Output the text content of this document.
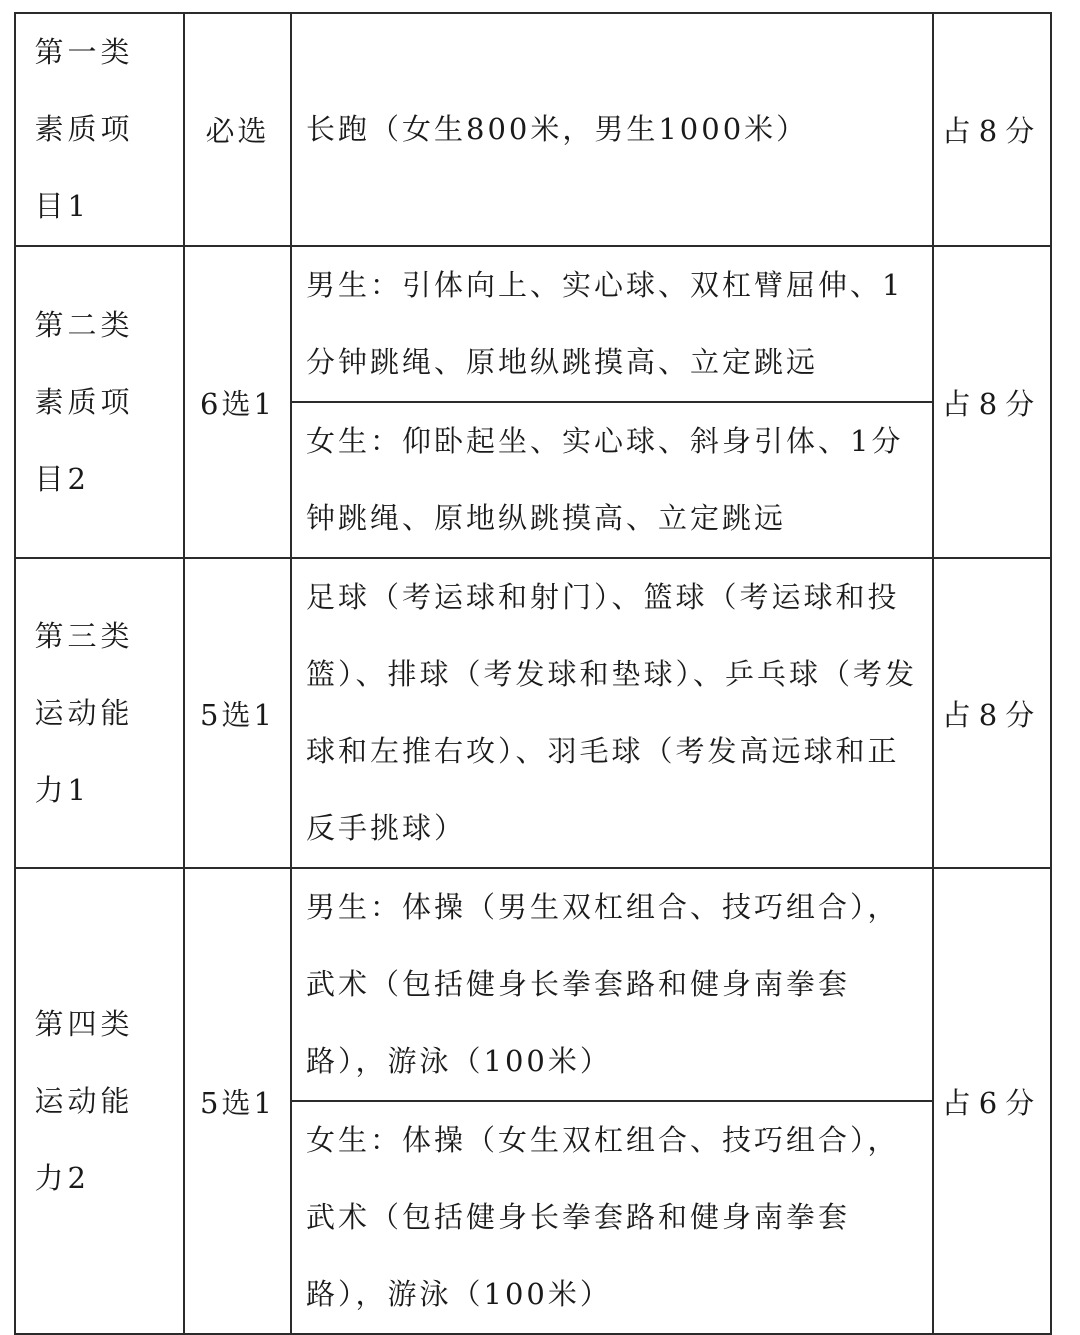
第一类素质项目1	必选	长跑（女生800米，男生1000米）	占8分

第二类素质项目2	6选1	男生：引体向上、实心球、双杠臂屈伸、1分钟跳绳、原地纵跳摸高、立定跳远	占8分

		女生：仰卧起坐、实心球、斜身引体、1分钟跳绳、原地纵跳摸高、立定跳远	

第三类运动能力1	5选1	足球（考运球和射门）、篮球（考运球和投篮）、排球（考发球和垫球）、乒乓球（考发球和左推右攻）、羽毛球（考发高远球和正反手挑球）	占8分

第四类运动能力2	5选1	男生：体操（男生双杠组合、技巧组合），武术（包括健身长拳套路和健身南拳套路），游泳（100米）	占6分

		女生：体操（女生双杠组合、技巧组合），武术（包括健身长拳套路和健身南拳套路），游泳（100米）	
